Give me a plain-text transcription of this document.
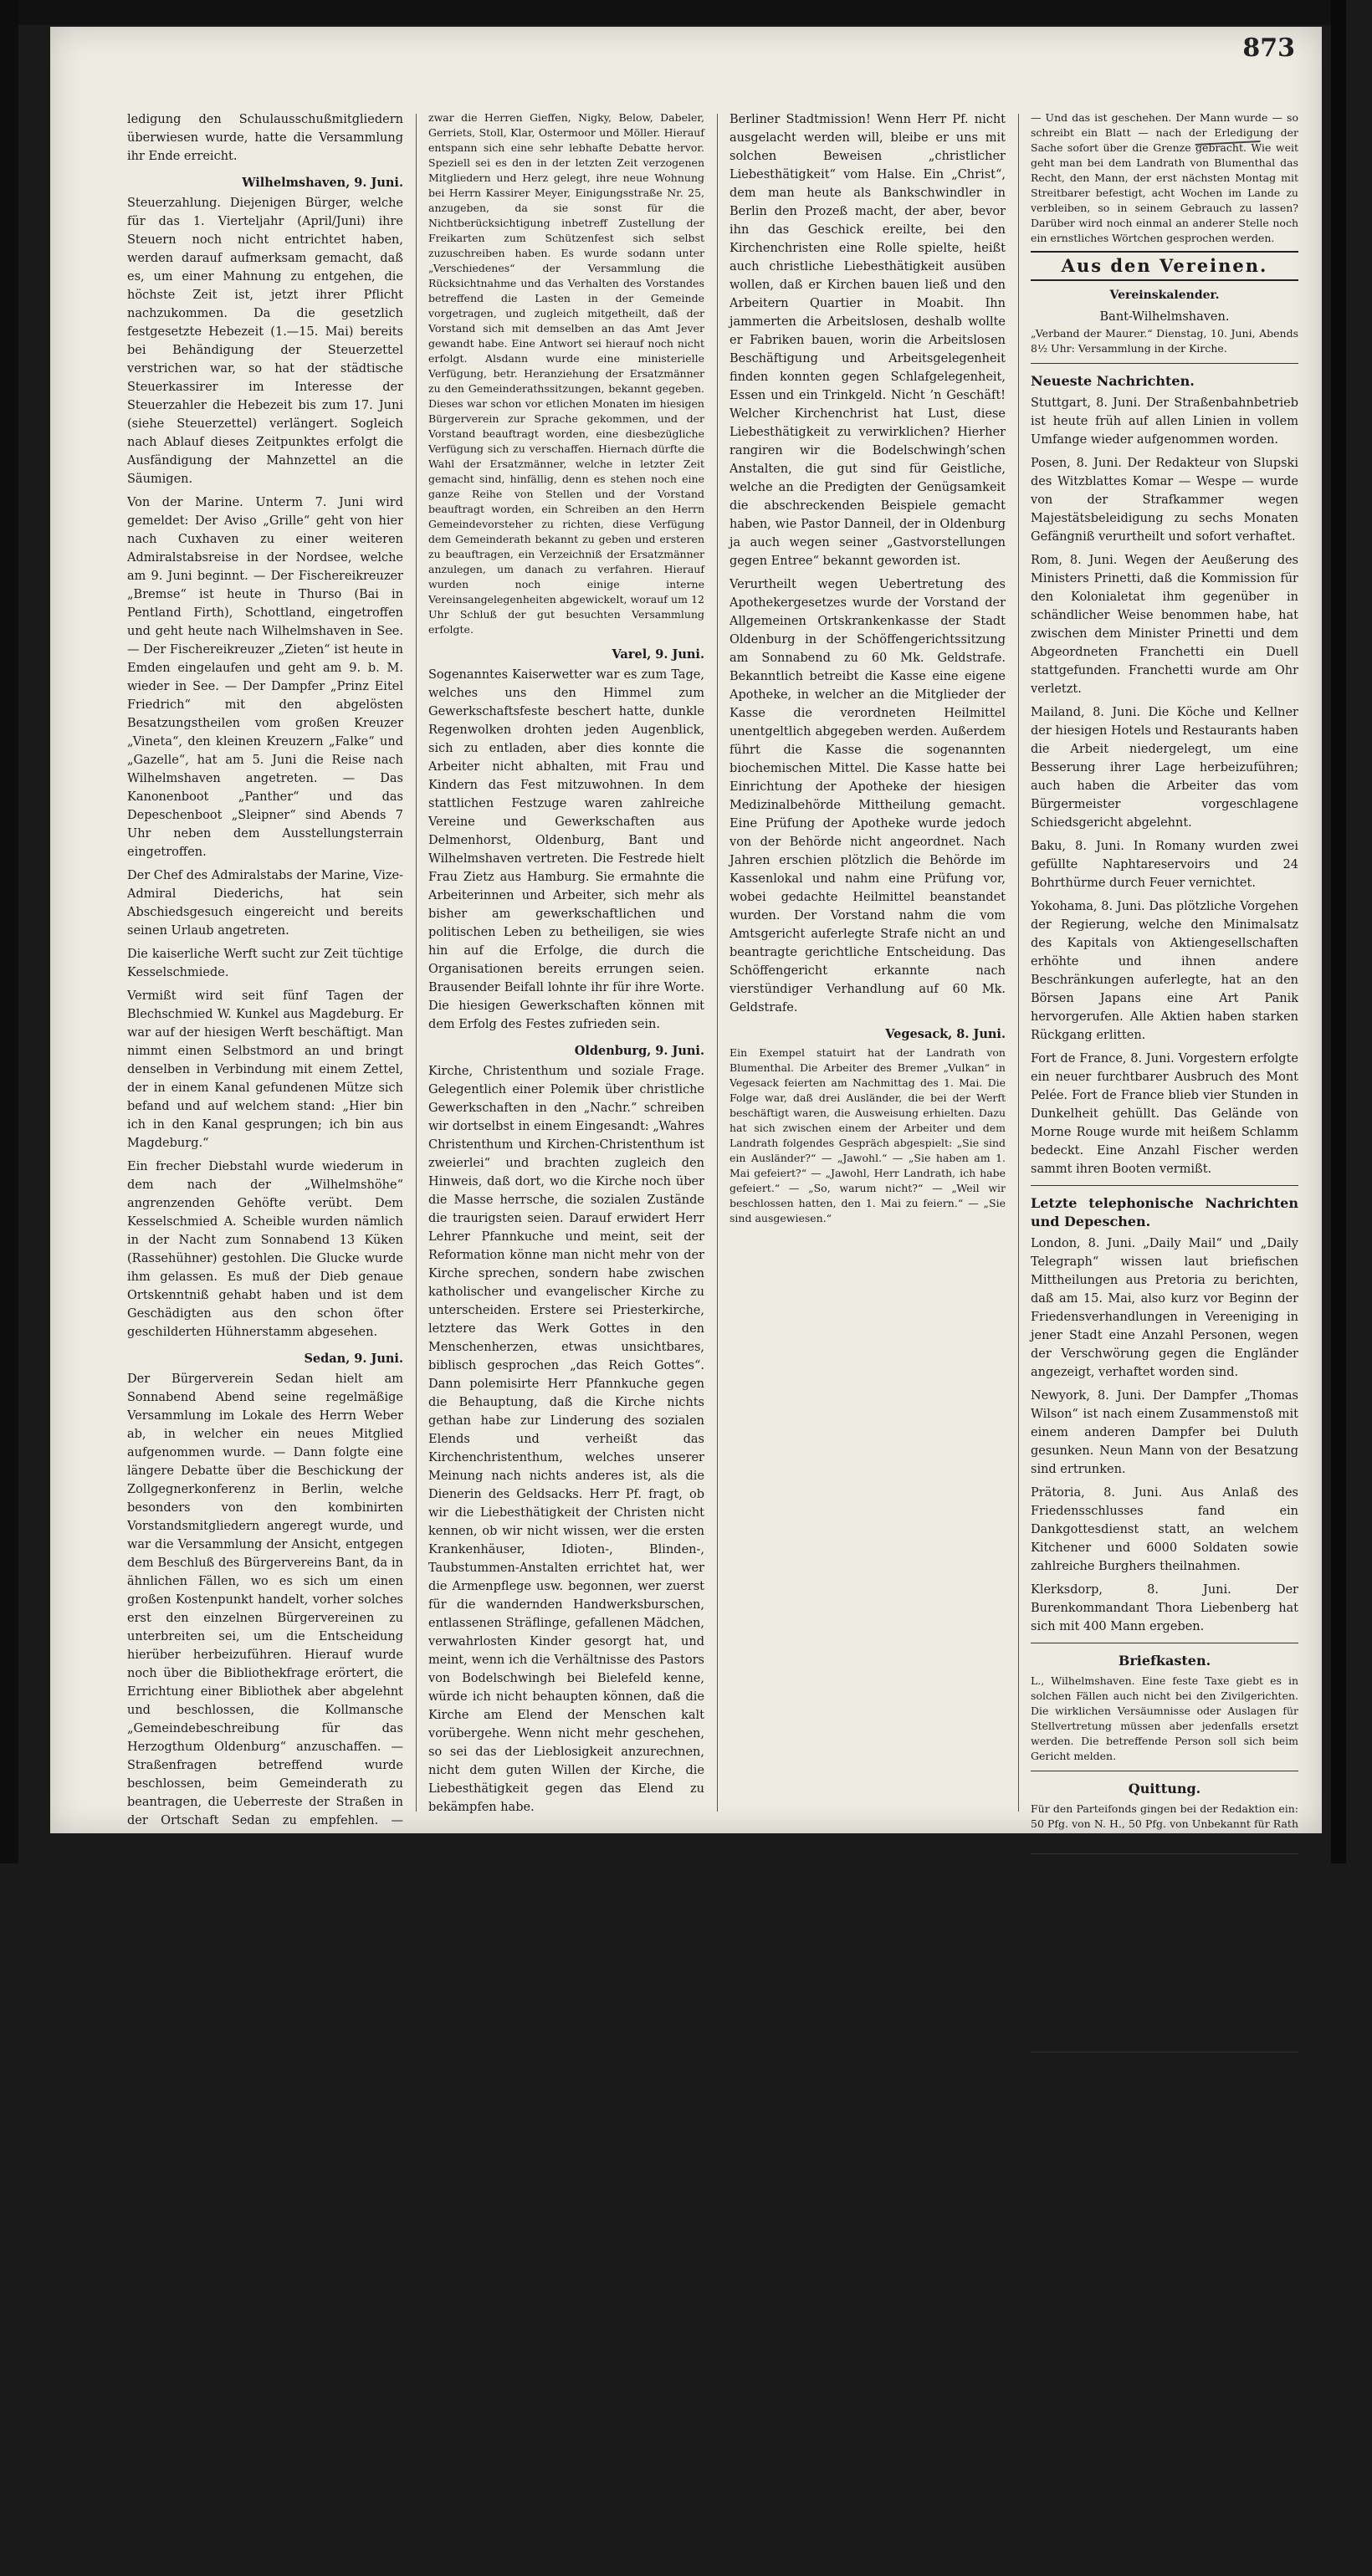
873

ledigung den Schulausschußmitgliedern überwiesen wurde, hatte die Versammlung ihr Ende erreicht.

Wilhelmshaven, 9. Juni.

Steuerzahlung. Diejenigen Bürger, welche für das 1. Vierteljahr (April/Juni) ihre Steuern noch nicht entrichtet haben, werden darauf aufmerksam gemacht, daß es, um einer Mahnung zu entgehen, die höchste Zeit ist, jetzt ihrer Pflicht nachzukommen. Da die gesetzlich festgesetzte Hebezeit (1.—15. Mai) bereits bei Behändigung der Steuerzettel verstrichen war, so hat der städtische Steuerkassirer im Interesse der Steuerzahler die Hebezeit bis zum 17. Juni (siehe Steuerzettel) verlängert. Sogleich nach Ablauf dieses Zeitpunktes erfolgt die Ausfändigung der Mahnzettel an die Säumigen.

Von der Marine. Unterm 7. Juni wird gemeldet: Der Aviso „Grille“ geht von hier nach Cuxhaven zu einer weiteren Admiralstabsreise in der Nordsee, welche am 9. Juni beginnt. — Der Fischereikreuzer „Bremse“ ist heute in Thurso (Bai in Pentland Firth), Schottland, eingetroffen und geht heute nach Wilhelmshaven in See. — Der Fischereikreuzer „Zieten“ ist heute in Emden eingelaufen und geht am 9. b. M. wieder in See. — Der Dampfer „Prinz Eitel Friedrich“ mit den abgelösten Besatzungstheilen vom großen Kreuzer „Vineta“, den kleinen Kreuzern „Falke“ und „Gazelle“, hat am 5. Juni die Reise nach Wilhelmshaven angetreten. — Das Kanonenboot „Panther“ und das Depeschenboot „Sleipner“ sind Abends 7 Uhr neben dem Ausstellungsterrain eingetroffen.

Der Chef des Admiralstabs der Marine, Vize-Admiral Diederichs, hat sein Abschiedsgesuch eingereicht und bereits seinen Urlaub angetreten.

Die kaiserliche Werft sucht zur Zeit tüchtige Kesselschmiede.

Vermißt wird seit fünf Tagen der Blechschmied W. Kunkel aus Magdeburg. Er war auf der hiesigen Werft beschäftigt. Man nimmt einen Selbstmord an und bringt denselben in Verbindung mit einem Zettel, der in einem Kanal gefundenen Mütze sich befand und auf welchem stand: „Hier bin ich in den Kanal gesprungen; ich bin aus Magdeburg.“

Ein frecher Diebstahl wurde wiederum in dem nach der „Wilhelmshöhe“ angrenzenden Gehöfte verübt. Dem Kesselschmied A. Scheible wurden nämlich in der Nacht zum Sonnabend 13 Küken (Rassehühner) gestohlen. Die Glucke wurde ihm gelassen. Es muß der Dieb genaue Ortskenntniß gehabt haben und ist dem Geschädigten aus den schon öfter geschilderten Hühnerstamm abgesehen.

Sedan, 9. Juni.

Der Bürgerverein Sedan hielt am Sonnabend Abend seine regelmäßige Versammlung im Lokale des Herrn Weber ab, in welcher ein neues Mitglied aufgenommen wurde. — Dann folgte eine längere Debatte über die Beschickung der Zollgegnerkonferenz in Berlin, welche besonders von den kombinirten Vorstandsmitgliedern angeregt wurde, und war die Versammlung der Ansicht, entgegen dem Beschluß des Bürgervereins Bant, da in ähnlichen Fällen, wo es sich um einen großen Kostenpunkt handelt, vorher solches erst den einzelnen Bürgervereinen zu unterbreiten sei, um die Entscheidung hierüber herbeizuführen. Hierauf wurde noch über die Bibliothekfrage erörtert, die Errichtung einer Bibliothek aber abgelehnt und beschlossen, die Kollmansche „Gemeindebeschreibung für das Herzogthum Oldenburg“ anzuschaffen. — Straßenfragen betreffend wurde beschlossen, beim Gemeinderath zu beantragen, die Ueberreste der Straßen in der Ortschaft Sedan zu empfehlen. — Ferner wurde ein Ausflug in Anregung gebracht und beschlossen, in der nächsten Tagesordnung zu setzen. Im Weiteren wurden noch einige Gemeindeangelegenheiten besprochen, aber keine Beschlüsse gefaßt.

Neuende, 9. Juni.

Der Neue Neuender Bürgerverein hielt am Sonnabend eine Versammlung ab. Der erste Punkt der Tagesordnung „Hebung und Aufnahmen“ fand seine übliche Erledigung. Unter zweiten Punkt „Kommunale Angelegenheiten“ wurde der schlechte Zustand verschiedener Wällgruben in der Gemeinde einer Kritik unterzogen und beschlossen, den Gemeinderath zu ersuchen, sein Augenmerk hierauf zu richten. Beim Punkt „Sterbekasse betr.“ fand eine allgemeine Besprechung über die Sterbekasse statt und wurde der Wunsch geäußert, auf der nächsten Generalversammlung das Sterbegeld zu erhöhen. Unterm letzten Punkt „Verschiedenes“ wurde eine Bibliothekfrage erledigt und beschlossen, einige vorgelegte Werke anzuschaffen. Hierauf erfolgte Schluß der Versammlung.

Heppens, 9. Juni.

Bürger-Vereinsversammlung. Der Bürgerverein Heppens (östl. Theil) hielt am Sonnabend seine monatliche Versammlung mit folgender Tagesordnung ab: 1. Hebung der Beiträge; 2. Aufnahme neuer Mitglieder; 3. Wahl von zwei Kassenrevisoren; 4. Kinderfest betr.; 5. Fragekasten; 6. Verschiedenes. Nachdem die Beiträge entrichtet und neue Mitglieder aufgenommen waren, wurden als Kassenrevisoren die Herren Saathoff und Bielow gewählt. Alsdann wurde von den Vorjahren auch in diesem Jahre ein Kinderschulfest veranstaltet werden. Zu den hierzu erforderlichen Vorarbeiten wurde eine Kommission von 9 Mitgliedern gewählt und

zwar die Herren Gieffen, Nigky, Below, Dabeler, Gerriets, Stoll, Klar, Ostermoor und Möller. Hierauf entspann sich eine sehr lebhafte Debatte hervor. Speziell sei es den in der letzten Zeit verzogenen Mitgliedern und Herz gelegt, ihre neue Wohnung bei Herrn Kassirer Meyer, Einigungsstraße Nr. 25, anzugeben, da sie sonst für die Nichtberücksichtigung inbetreff Zustellung der Freikarten zum Schützenfest sich selbst zuzuschreiben haben. Es wurde sodann unter „Verschiedenes“ der Versammlung die Rücksichtnahme und das Verhalten des Vorstandes betreffend die Lasten in der Gemeinde vorgetragen, und zugleich mitgetheilt, daß der Vorstand sich mit demselben an das Amt Jever gewandt habe. Eine Antwort sei hierauf noch nicht erfolgt. Alsdann wurde eine ministerielle Verfügung, betr. Heranziehung der Ersatzmänner zu den Gemeinderathssitzungen, bekannt gegeben. Dieses war schon vor etlichen Monaten im hiesigen Bürgerverein zur Sprache gekommen, und der Vorstand beauftragt worden, eine diesbezügliche Verfügung sich zu verschaffen. Hiernach dürfte die Wahl der Ersatzmänner, welche in letzter Zeit gemacht sind, hinfällig, denn es stehen noch eine ganze Reihe von Stellen und der Vorstand beauftragt worden, ein Schreiben an den Herrn Gemeindevorsteher zu richten, diese Verfügung dem Gemeinderath bekannt zu geben und ersteren zu beauftragen, ein Verzeichniß der Ersatzmänner anzulegen, um danach zu verfahren. Hierauf wurden noch einige interne Vereinsangelegenheiten abgewickelt, worauf um 12 Uhr Schluß der gut besuchten Versammlung erfolgte.

Varel, 9. Juni.

Sogenanntes Kaiserwetter war es zum Tage, welches uns den Himmel zum Gewerkschaftsfeste beschert hatte, dunkle Regenwolken drohten jeden Augenblick, sich zu entladen, aber dies konnte die Arbeiter nicht abhalten, mit Frau und Kindern das Fest mitzuwohnen. In dem stattlichen Festzuge waren zahlreiche Vereine und Gewerkschaften aus Delmenhorst, Oldenburg, Bant und Wilhelmshaven vertreten. Die Festrede hielt Frau Zietz aus Hamburg. Sie ermahnte die Arbeiterinnen und Arbeiter, sich mehr als bisher am gewerkschaftlichen und politischen Leben zu betheiligen, sie wies hin auf die Erfolge, die durch die Organisationen bereits errungen seien. Brausender Beifall lohnte ihr für ihre Worte. Die hiesigen Gewerkschaften können mit dem Erfolg des Festes zufrieden sein.

Oldenburg, 9. Juni.

Kirche, Christenthum und soziale Frage. Gelegentlich einer Polemik über christliche Gewerkschaften in den „Nachr.“ schreiben wir dortselbst in einem Eingesandt: „Wahres Christenthum und Kirchen-Christenthum ist zweierlei“ und brachten zugleich den Hinweis, daß dort, wo die Kirche noch über die Masse herrsche, die sozialen Zustände die traurigsten seien. Darauf erwidert Herr Lehrer Pfannkuche und meint, seit der Reformation könne man nicht mehr von der Kirche sprechen, sondern habe zwischen katholischer und evangelischer Kirche zu unterscheiden. Erstere sei Priesterkirche, letztere das Werk Gottes in den Menschenherzen, etwas unsichtbares, biblisch gesprochen „das Reich Gottes“. Dann polemisirte Herr Pfannkuche gegen die Behauptung, daß die Kirche nichts gethan habe zur Linderung des sozialen Elends und verheißt das Kirchenchristenthum, welches unserer Meinung nach nichts anderes ist, als die Dienerin des Geldsacks. Herr Pf. fragt, ob wir die Liebesthätigkeit der Christen nicht kennen, ob wir nicht wissen, wer die ersten Krankenhäuser, Idioten-, Blinden-, Taubstummen-Anstalten errichtet hat, wer die Armenpflege usw. begonnen, wer zuerst für die wandernden Handwerksburschen, entlassenen Sträflinge, gefallenen Mädchen, verwahrlosten Kinder gesorgt hat, und meint, wenn ich die Verhältnisse des Pastors von Bodelschwingh bei Bielefeld kenne, würde ich nicht behaupten können, daß die Kirche am Elend der Menschen kalt vorübergehe. Wenn nicht mehr geschehen, so sei das der Lieblosigkeit anzurechnen, nicht dem guten Willen der Kirche, die Liebesthätigkeit gegen das Elend zu bekämpfen habe.

Berliner Stadtmission! Wenn Herr Pf. nicht ausgelacht werden will, bleibe er uns mit solchen Beweisen „christlicher Liebesthätigkeit“ vom Halse. Ein „Christ“, dem man heute als Bankschwindler in Berlin den Prozeß macht, der aber, bevor ihn das Geschick ereilte, bei den Kirchenchristen eine Rolle spielte, heißt auch christliche Liebesthätigkeit ausüben wollen, daß er Kirchen bauen ließ und den Arbeitern Quartier in Moabit. Ihn jammerten die Arbeitslosen, deshalb wollte er Fabriken bauen, worin die Arbeitslosen Beschäftigung und Arbeitsgelegenheit finden konnten gegen Schlafgelegenheit, Essen und ein Trinkgeld. Nicht ’n Geschäft! Welcher Kirchenchrist hat Lust, diese Liebesthätigkeit zu verwirklichen? Hierher rangiren wir die Bodelschwingh’schen Anstalten, die gut sind für Geistliche, welche an die Predigten der Genügsamkeit die abschreckenden Beispiele gemacht haben, wie Pastor Danneil, der in Oldenburg ja auch wegen seiner „Gastvorstellungen gegen Entree“ bekannt geworden ist.

Verurtheilt wegen Uebertretung des Apothekergesetzes wurde der Vorstand der Allgemeinen Ortskrankenkasse der Stadt Oldenburg in der Schöffengerichtssitzung am Sonnabend zu 60 Mk. Geldstrafe. Bekanntlich betreibt die Kasse eine eigene Apotheke, in welcher an die Mitglieder der Kasse die verordneten Heilmittel unentgeltlich abgegeben werden. Außerdem führt die Kasse die sogenannten biochemischen Mittel. Die Kasse hatte bei Einrichtung der Apotheke der hiesigen Medizinalbehörde Mittheilung gemacht. Eine Prüfung der Apotheke wurde jedoch von der Behörde nicht angeordnet. Nach Jahren erschien plötzlich die Behörde im Kassenlokal und nahm eine Prüfung vor, wobei gedachte Heilmittel beanstandet wurden. Der Vorstand nahm die vom Amtsgericht auferlegte Strafe nicht an und beantragte gerichtliche Entscheidung. Das Schöffengericht erkannte nach vierstündiger Verhandlung auf 60 Mk. Geldstrafe.

Vegesack, 8. Juni.

Ein Exempel statuirt hat der Landrath von Blumenthal. Die Arbeiter des Bremer „Vulkan“ in Vegesack feierten am Nachmittag des 1. Mai. Die Folge war, daß drei Ausländer, die bei der Werft beschäftigt waren, die Ausweisung erhielten. Dazu hat sich zwischen einem der Arbeiter und dem Landrath folgendes Gespräch abgespielt: „Sie sind ein Ausländer?“ — „Jawohl.“ — „Sie haben am 1. Mai gefeiert?“ — „Jawohl, Herr Landrath, ich habe gefeiert.“ — „So, warum nicht?“ — „Weil wir beschlossen hatten, den 1. Mai zu feiern.“ — „Sie sind ausgewiesen.“

— Und das ist geschehen. Der Mann wurde — so schreibt ein Blatt — nach der Erledigung der Sache sofort über die Grenze gebracht. Wie weit geht man bei dem Landrath von Blumenthal das Recht, den Mann, der erst nächsten Montag mit Streitbarer befestigt, acht Wochen im Lande zu verbleiben, so in seinem Gebrauch zu lassen? Darüber wird noch einmal an anderer Stelle noch ein ernstliches Wörtchen gesprochen werden.

Aus den Vereinen.
Vereinskalender.
Bant-Wilhelmshaven.

„Verband der Maurer.“ Dienstag, 10. Juni, Abends 8½ Uhr: Versammlung in der Kirche.

Neueste Nachrichten.

Stuttgart, 8. Juni. Der Straßenbahnbetrieb ist heute früh auf allen Linien in vollem Umfange wieder aufgenommen worden.

Posen, 8. Juni. Der Redakteur von Slupski des Witzblattes Komar — Wespe — wurde von der Strafkammer wegen Majestätsbeleidigung zu sechs Monaten Gefängniß verurtheilt und sofort verhaftet.

Rom, 8. Juni. Wegen der Aeußerung des Ministers Prinetti, daß die Kommission für den Kolonialetat ihm gegenüber in schändlicher Weise benommen habe, hat zwischen dem Minister Prinetti und dem Abgeordneten Franchetti ein Duell stattgefunden. Franchetti wurde am Ohr verletzt.

Mailand, 8. Juni. Die Köche und Kellner der hiesigen Hotels und Restaurants haben die Arbeit niedergelegt, um eine Besserung ihrer Lage herbeizuführen; auch haben die Arbeiter das vom Bürgermeister vorgeschlagene Schiedsgericht abgelehnt.

Baku, 8. Juni. In Romany wurden zwei gefüllte Naphtareservoirs und 24 Bohrthürme durch Feuer vernichtet.

Yokohama, 8. Juni. Das plötzliche Vorgehen der Regierung, welche den Minimalsatz des Kapitals von Aktiengesellschaften erhöhte und ihnen andere Beschränkungen auferlegte, hat an den Börsen Japans eine Art Panik hervorgerufen. Alle Aktien haben starken Rückgang erlitten.

Fort de France, 8. Juni. Vorgestern erfolgte ein neuer furchtbarer Ausbruch des Mont Pelée. Fort de France blieb vier Stunden in Dunkelheit gehüllt. Das Gelände von Morne Rouge wurde mit heißem Schlamm bedeckt. Eine Anzahl Fischer werden sammt ihren Booten vermißt.

Letzte telephonische Nachrichten und Depeschen.

London, 8. Juni. „Daily Mail“ und „Daily Telegraph“ wissen laut briefischen Mittheilungen aus Pretoria zu berichten, daß am 15. Mai, also kurz vor Beginn der Friedensverhandlungen in Vereeniging in jener Stadt eine Anzahl Personen, wegen der Verschwörung gegen die Engländer angezeigt, verhaftet worden sind.

Newyork, 8. Juni. Der Dampfer „Thomas Wilson“ ist nach einem Zusammenstoß mit einem anderen Dampfer bei Duluth gesunken. Neun Mann von der Besatzung sind ertrunken.

Prätoria, 8. Juni. Aus Anlaß des Friedensschlusses fand ein Dankgottesdienst statt, an welchem Kitchener und 6000 Soldaten sowie zahlreiche Burghers theilnahmen.

Klerksdorp, 8. Juni. Der Burenkommandant Thora Liebenberg hat sich mit 400 Mann ergeben.

Briefkasten.

L., Wilhelmshaven. Eine feste Taxe giebt es in solchen Fällen auch nicht bei den Zivilgerichten. Die wirklichen Versäumnisse oder Auslagen für Stellvertretung müssen aber jedenfalls ersetzt werden. Die betreffende Person soll sich beim Gericht melden.

Quittung.

Für den Parteifonds gingen bei der Redaktion ein: 50 Pfg. von N. H., 50 Pfg. von Unbekannt für Rath und Auskunft.

Sommer-Fahrplan

des städtischen Dampfers „Eckwarden“ zwischen Wilhelmshaven und Eckwarderhörne. Vom 1. April bis 30. September 1902.

Von Wilhelmshaven 7,00 10,10 B., 2,00 3,25 7,20*) Von Eckwarderhörne 7,40 10,50 B., 2,40 4,20 8,10*) *) Nur vom 1. Mai bis 15. September.

Fahrpreise: Für die einfache Fahrt: 1. Kajüte 80 Pfg., 2. Kajüte 60 Pfg.; für hin- und Rückfahrt 1. Kajüte 1,20 Mk., 2. Kajüte 1 Mk. Kinder unter 14 Jahren zahlen die Hälfte des Fahrpreises.

Omnibus-Verbindung

zwischen Tossens-Eckwarderhörne-Stollhamm-Nordenham

	B.	N.		B.	N.
Aus Tossens	6,15	1,40	Aus Nordenham	11,40	4,55
In Eckwarden	7,30	2,30	In Stollhamm	12,50	6,35
In Eckwarderhörne	7,40	2,40	Aus Stollhamm	1,20	6,40
Aus Eckwarden	8,25	4,25	Aus Pumpe	1,50	7,10
Aus Pumpe	8,40	4,40	Aus Eckwarderhörne	2,00	7,45
Aus Stollhamm	9,00	5,00	In Eckwarden	2,45	7,50
In Stollhamm	9,25	5,25	Aus Eckwarden	3,00	8,20
In Nordenham	11,15	7,05	In Tossens	3,40	9,00
